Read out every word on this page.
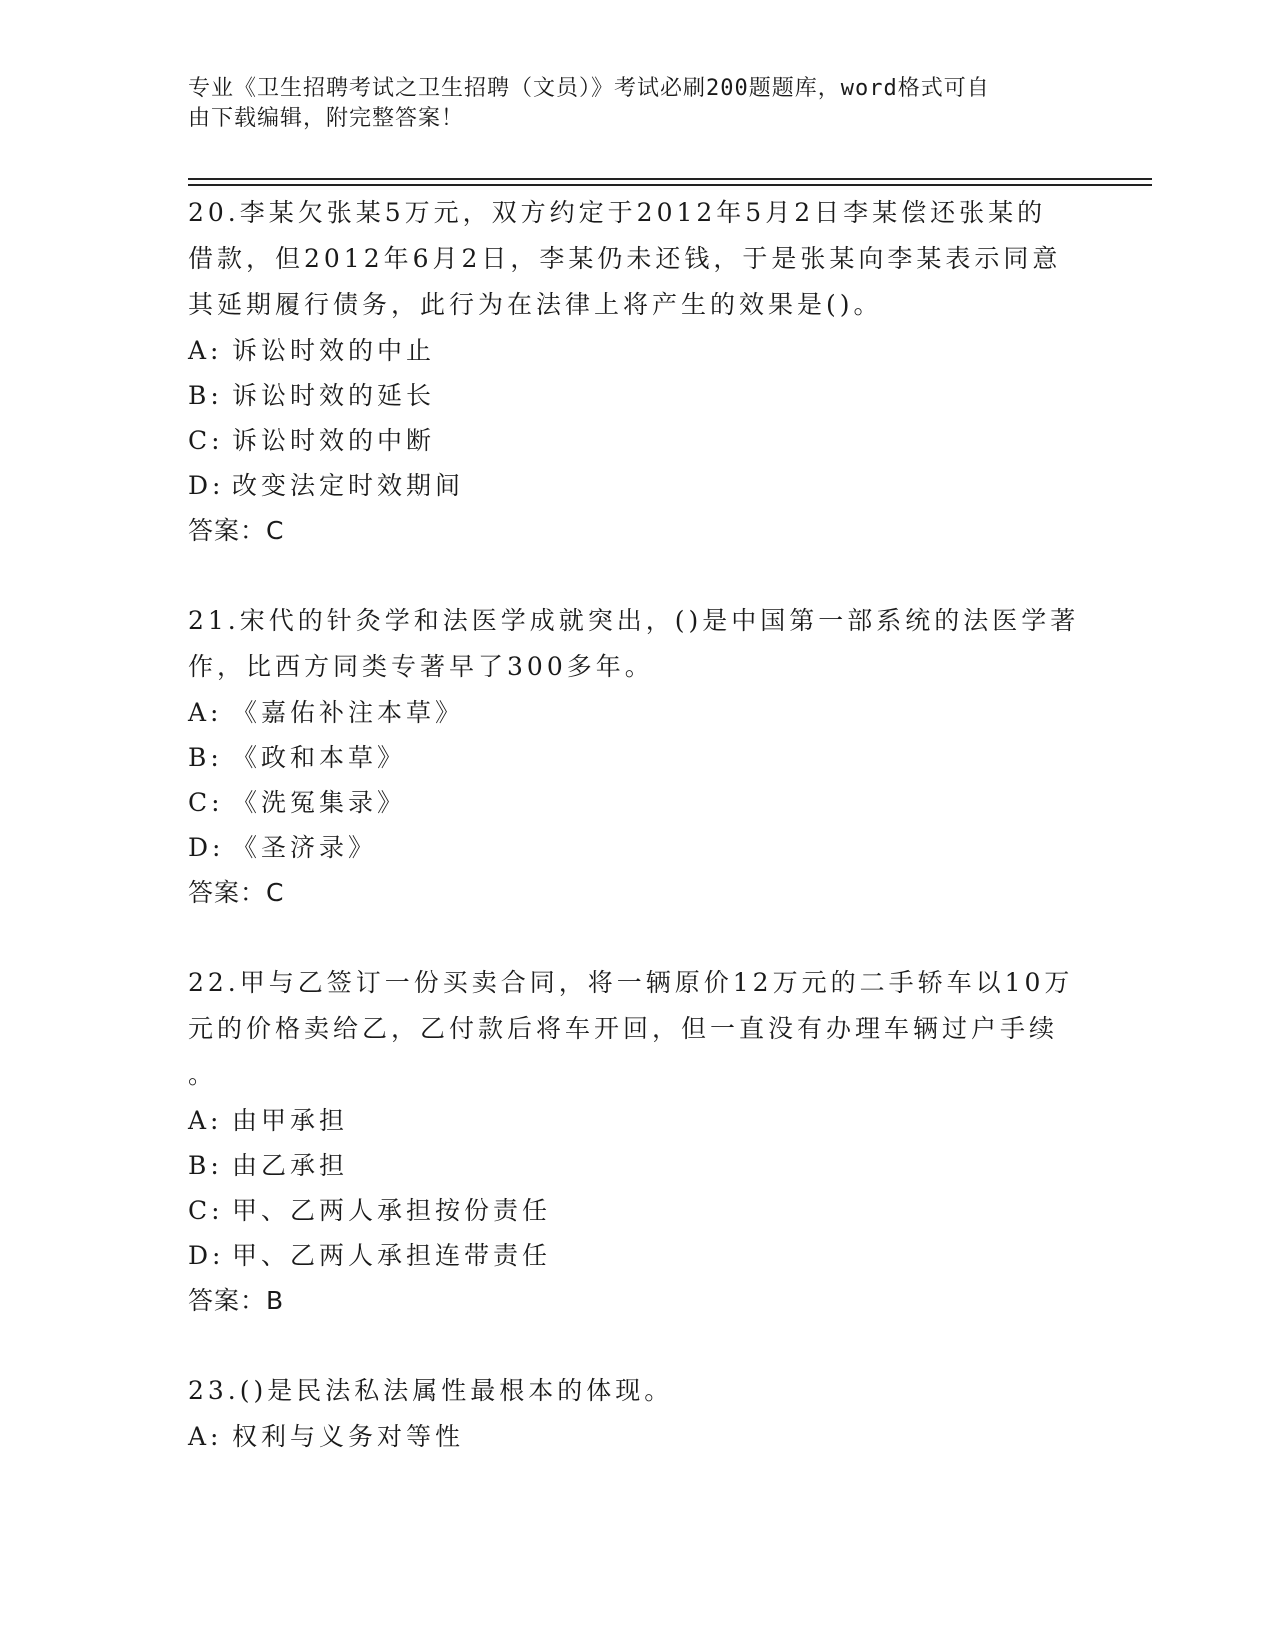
专业《卫生招聘考试之卫生招聘（文员）》考试必刷200题题库，word格式可自
由下载编辑，附完整答案！
20.李某欠张某5万元，双方约定于2012年5月2日李某偿还张某的
借款，但2012年6月2日，李某仍未还钱，于是张某向李某表示同意
其延期履行债务，此行为在法律上将产生的效果是()。
A: 诉讼时效的中止
B: 诉讼时效的延长
C: 诉讼时效的中断
D: 改变法定时效期间
答案：C
21.宋代的针灸学和法医学成就突出，()是中国第一部系统的法医学著
作，比西方同类专著早了300多年。
A: 《嘉佑补注本草》
B: 《政和本草》
C: 《洗冤集录》
D: 《圣济录》
答案：C
22.甲与乙签订一份买卖合同，将一辆原价12万元的二手轿车以10万
元的价格卖给乙，乙付款后将车开回，但一直没有办理车辆过户手续
。
A: 由甲承担
B: 由乙承担
C: 甲、乙两人承担按份责任
D: 甲、乙两人承担连带责任
答案：B
23.()是民法私法属性最根本的体现。
A: 权利与义务对等性
